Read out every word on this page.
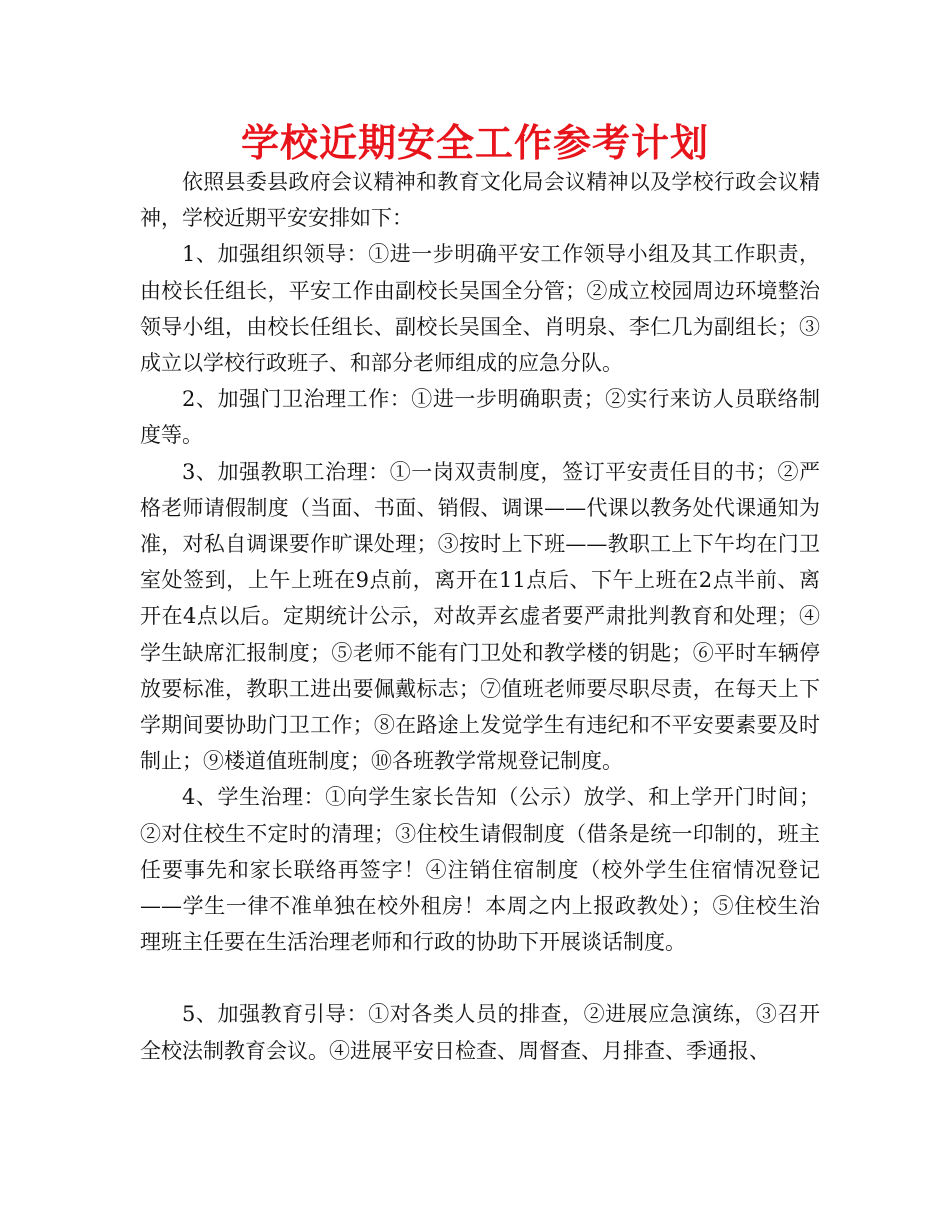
学校近期安全工作参考计划

依照县委县政府会议精神和教育文化局会议精神以及学校行政会议精神，学校近期平安安排如下：

1、加强组织领导：①进一步明确平安工作领导小组及其工作职责，由校长任组长，平安工作由副校长吴国全分管；②成立校园周边环境整治领导小组，由校长任组长、副校长吴国全、肖明泉、李仁几为副组长；③成立以学校行政班子、和部分老师组成的应急分队。

2、加强门卫治理工作：①进一步明确职责；②实行来访人员联络制度等。

3、加强教职工治理：①一岗双责制度，签订平安责任目的书；②严格老师请假制度（当面、书面、销假、调课——代课以教务处代课通知为准，对私自调课要作旷课处理；③按时上下班——教职工上下午均在门卫室处签到，上午上班在9点前，离开在11点后、下午上班在2点半前、离开在4点以后。定期统计公示，对故弄玄虚者要严肃批判教育和处理；④学生缺席汇报制度；⑤老师不能有门卫处和教学楼的钥匙；⑥平时车辆停放要标准，教职工进出要佩戴标志；⑦值班老师要尽职尽责，在每天上下学期间要协助门卫工作；⑧在路途上发觉学生有违纪和不平安要素要及时制止；⑨楼道值班制度；⑩各班教学常规登记制度。

4、学生治理：①向学生家长告知（公示）放学、和上学开门时间；②对住校生不定时的清理；③住校生请假制度（借条是统一印制的，班主任要事先和家长联络再签字！④注销住宿制度（校外学生住宿情况登记——学生一律不准单独在校外租房！本周之内上报政教处）；⑤住校生治理班主任要在生活治理老师和行政的协助下开展谈话制度。

5、加强教育引导：①对各类人员的排查，②进展应急演练，③召开全校法制教育会议。④进展平安日检查、周督查、月排查、季通报、
